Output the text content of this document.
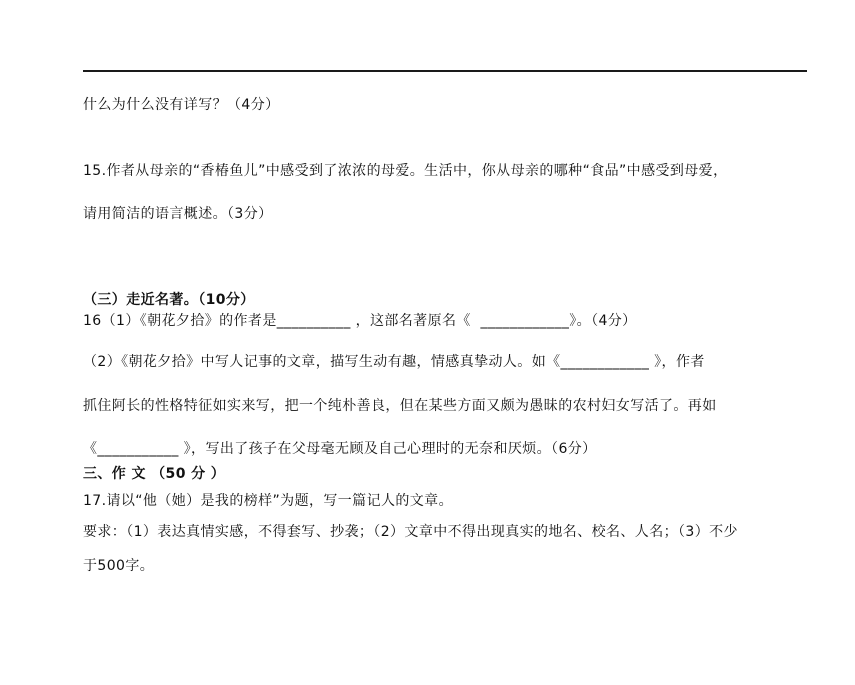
什么为什么没有详写？（4分）
15.作者从母亲的“香椿鱼儿”中感受到了浓浓的母爱。生活中，你从母亲的哪种“食品”中感受到母爱，
请用简洁的语言概述。（3分）
（三）走近名著。（10分）
16（1）《朝花夕拾》的作者是__________ ，这部名著原名《  ____________》。（4分）
（2）《朝花夕拾》中写人记事的文章，描写生动有趣，情感真挚动人。如《____________ 》，作者
抓住阿长的性格特征如实来写，把一个纯朴善良，但在某些方面又颇为愚昧的农村妇女写活了。再如
《___________ 》，写出了孩子在父母毫无顾及自己心理时的无奈和厌烦。（6分）
三、作 文 （50 分 ）
17.请以“他（她）是我的榜样”为题，写一篇记人的文章。
要求：（1）表达真情实感，不得套写、抄袭；（2）文章中不得出现真实的地名、校名、人名；（3）不少
于500字。
